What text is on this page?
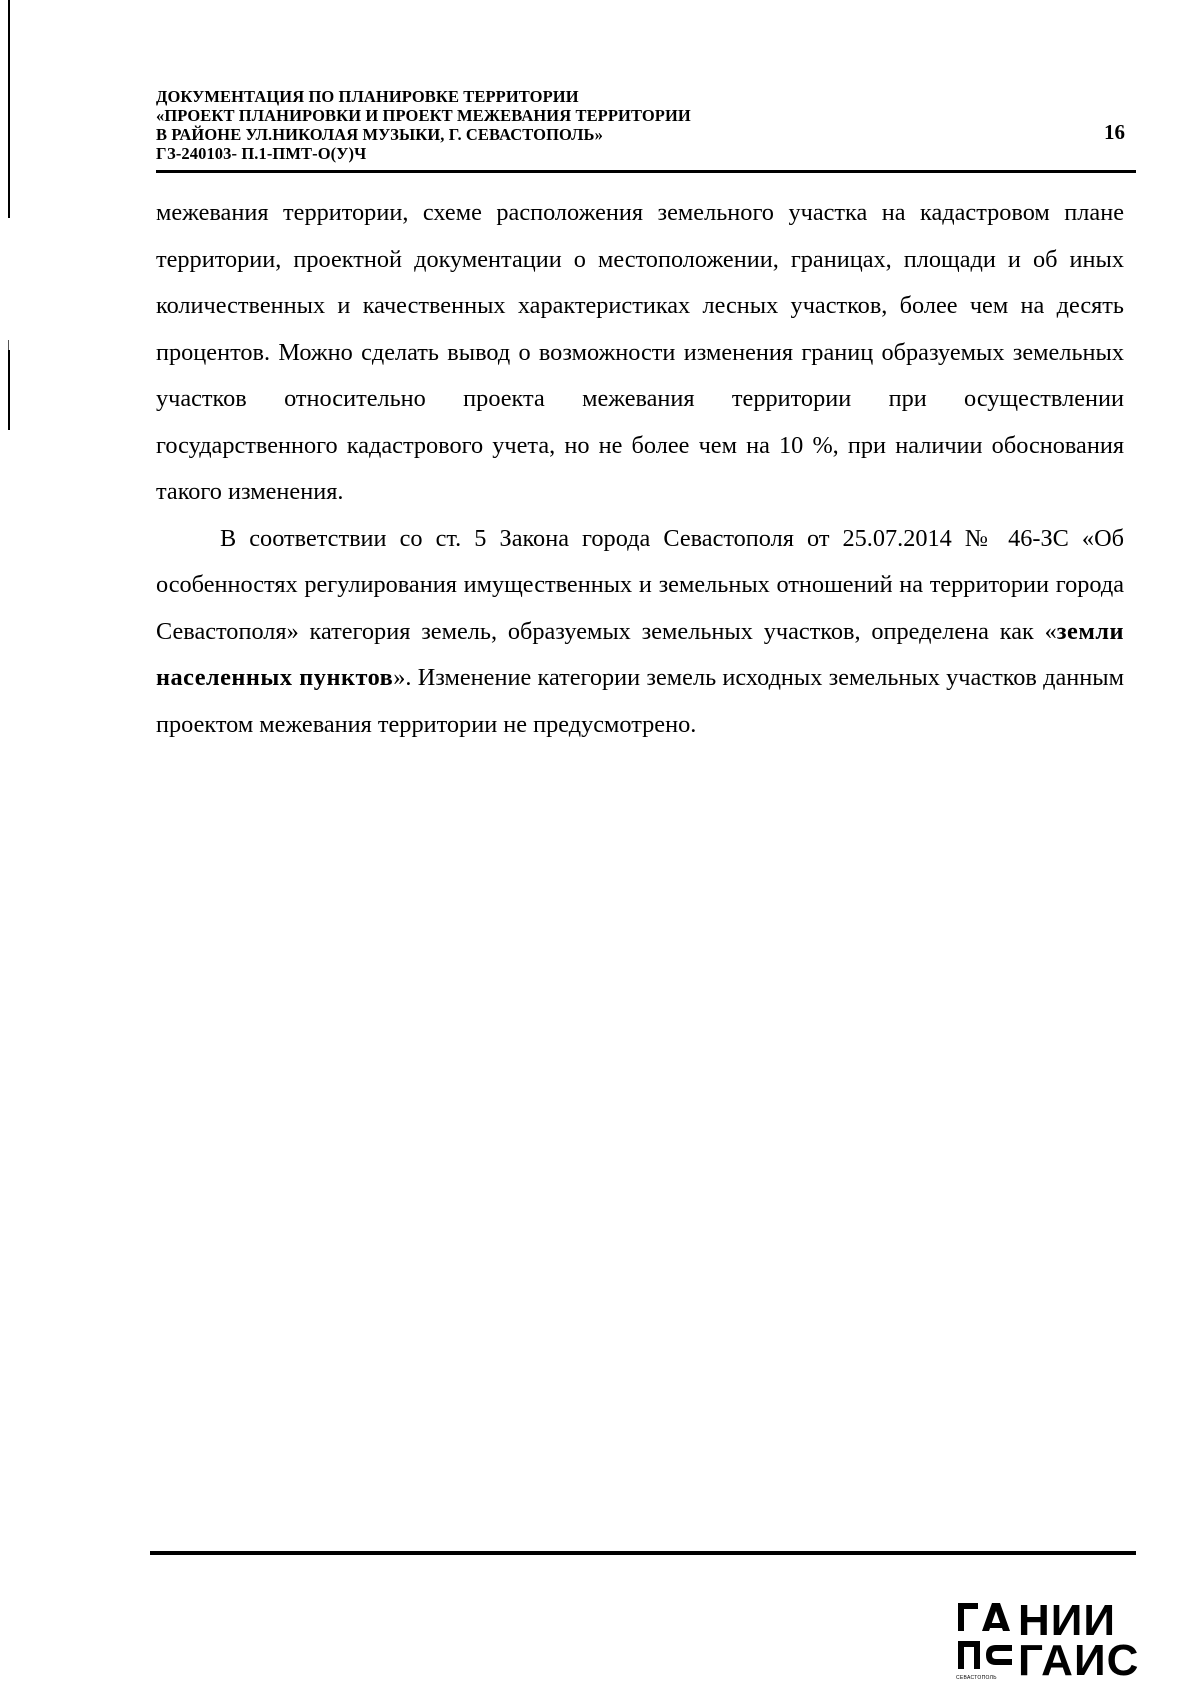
ДОКУМЕНТАЦИЯ ПО ПЛАНИРОВКЕ ТЕРРИТОРИИ
«ПРОЕКТ ПЛАНИРОВКИ И ПРОЕКТ МЕЖЕВАНИЯ ТЕРРИТОРИИ
В РАЙОНЕ УЛ.НИКОЛАЯ МУЗЫКИ, Г. СЕВАСТОПОЛЬ»
ГЗ-240103- П.1-ПМТ-О(У)Ч
16

межевания территории, схеме расположения земельного участка на кадастровом плане территории, проектной документации о местоположении, границах, площади и об иных количественных и качественных характеристиках лесных участков, более чем на десять процентов. Можно сделать вывод о возможности изменения границ образуемых земельных участков относительно проекта межевания территории при осуществлении государственного кадастрового учета, но не более чем на 10 %, при наличии обоснования такого изменения.

В соответствии со ст. 5 Закона города Севастополя от 25.07.2014 № 46-ЗС «Об особенностях регулирования имущественных и земельных отношений на территории города Севастополя» категория земель, образуемых земельных участков, определена как «земли населенных пунктов». Изменение категории земель исходных земельных участков данным проектом межевания территории не предусмотрено.

НИИ
ГАИС
СЕВАСТОПОЛЬ
